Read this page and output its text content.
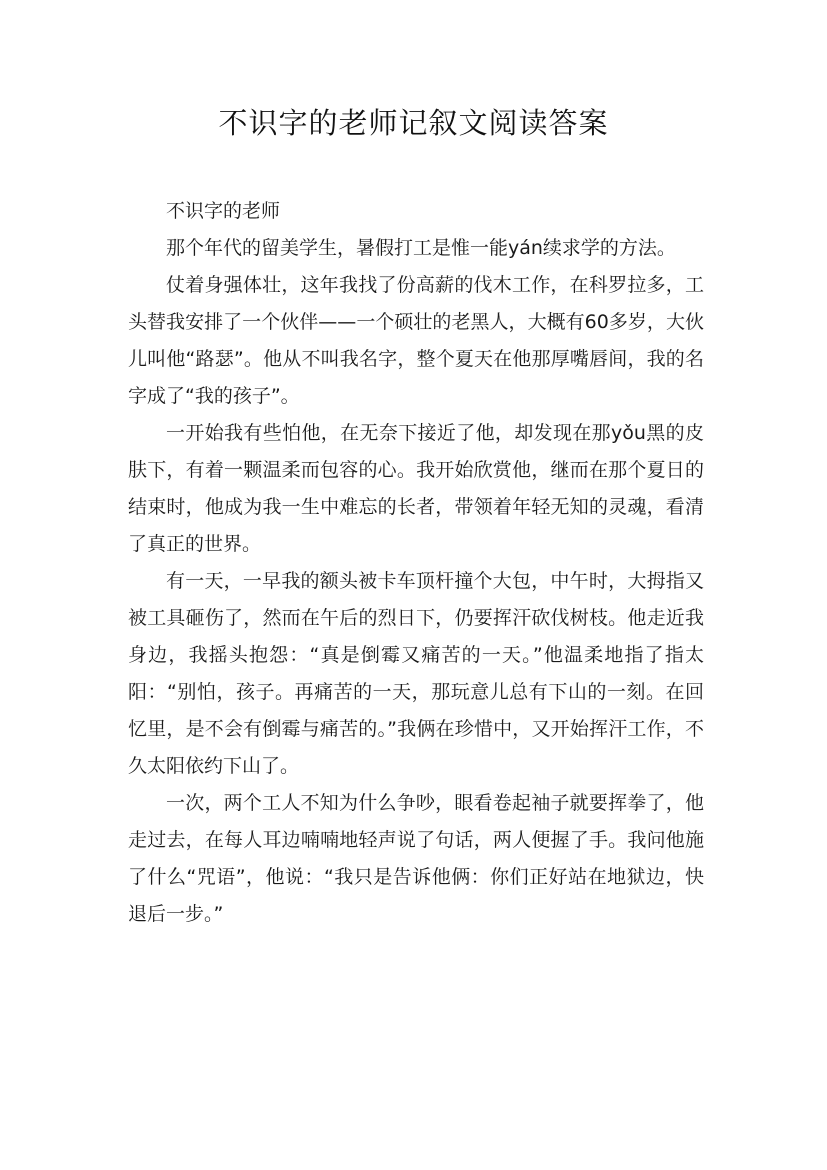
不识字的老师记叙文阅读答案

不识字的老师

那个年代的留美学生，暑假打工是惟一能yán续求学的方法。

仗着身强体壮，这年我找了份高薪的伐木工作，在科罗拉多，工头替我安排了一个伙伴——一个硕壮的老黑人，大概有60多岁，大伙儿叫他“路瑟”。他从不叫我名字，整个夏天在他那厚嘴唇间，我的名字成了“我的孩子”。

一开始我有些怕他，在无奈下接近了他，却发现在那yǒu黑的皮肤下，有着一颗温柔而包容的心。我开始欣赏他，继而在那个夏日的结束时，他成为我一生中难忘的长者，带领着年轻无知的灵魂，看清了真正的世界。

有一天，一早我的额头被卡车顶杆撞个大包，中午时，大拇指又被工具砸伤了，然而在午后的烈日下，仍要挥汗砍伐树枝。他走近我身边，我摇头抱怨：“真是倒霉又痛苦的一天。”他温柔地指了指太阳：“别怕，孩子。再痛苦的一天，那玩意儿总有下山的一刻。在回忆里，是不会有倒霉与痛苦的。”我俩在珍惜中，又开始挥汗工作，不久太阳依约下山了。

一次，两个工人不知为什么争吵，眼看卷起袖子就要挥拳了，他走过去，在每人耳边喃喃地轻声说了句话，两人便握了手。我问他施了什么“咒语”，他说：“我只是告诉他俩：你们正好站在地狱边，快退后一步。”
